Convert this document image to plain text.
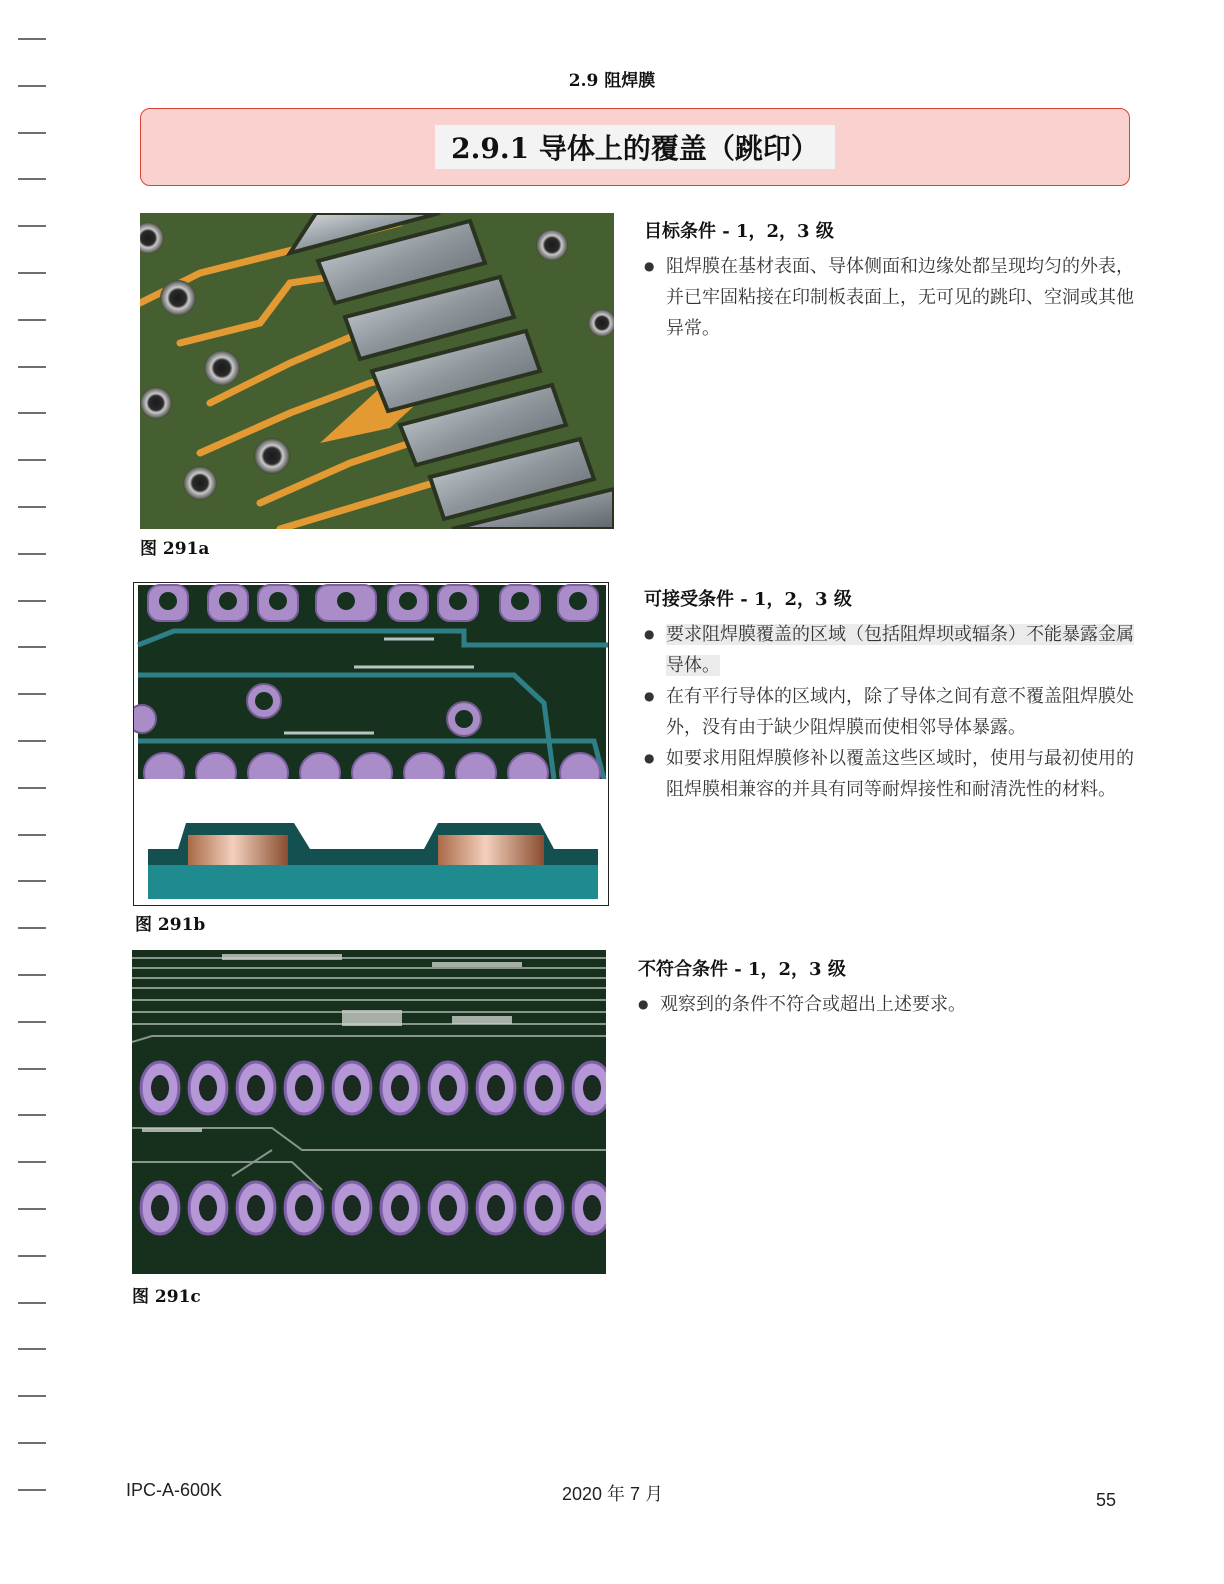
2.9 阻焊膜
2.9.1 导体上的覆盖（跳印）
图 291a
图 291b
图 291c
目标条件 - 1，2，3 级
● 阻焊膜在基材表面、导体侧面和边缘处都呈现均匀的外表，并已牢固粘接在印制板表面上，无可见的跳印、空洞或其他异常。
可接受条件 - 1，2，3 级
● 要求阻焊膜覆盖的区域（包括阻焊坝或辐条）不能暴露金属导体。
● 在有平行导体的区域内，除了导体之间有意不覆盖阻焊膜处外，没有由于缺少阻焊膜而使相邻导体暴露。
● 如要求用阻焊膜修补以覆盖这些区域时，使用与最初使用的阻焊膜相兼容的并具有同等耐焊接性和耐清洗性的材料。
不符合条件 - 1，2，3 级
● 观察到的条件不符合或超出上述要求。
IPC-A-600K	2020 年 7 月	55
